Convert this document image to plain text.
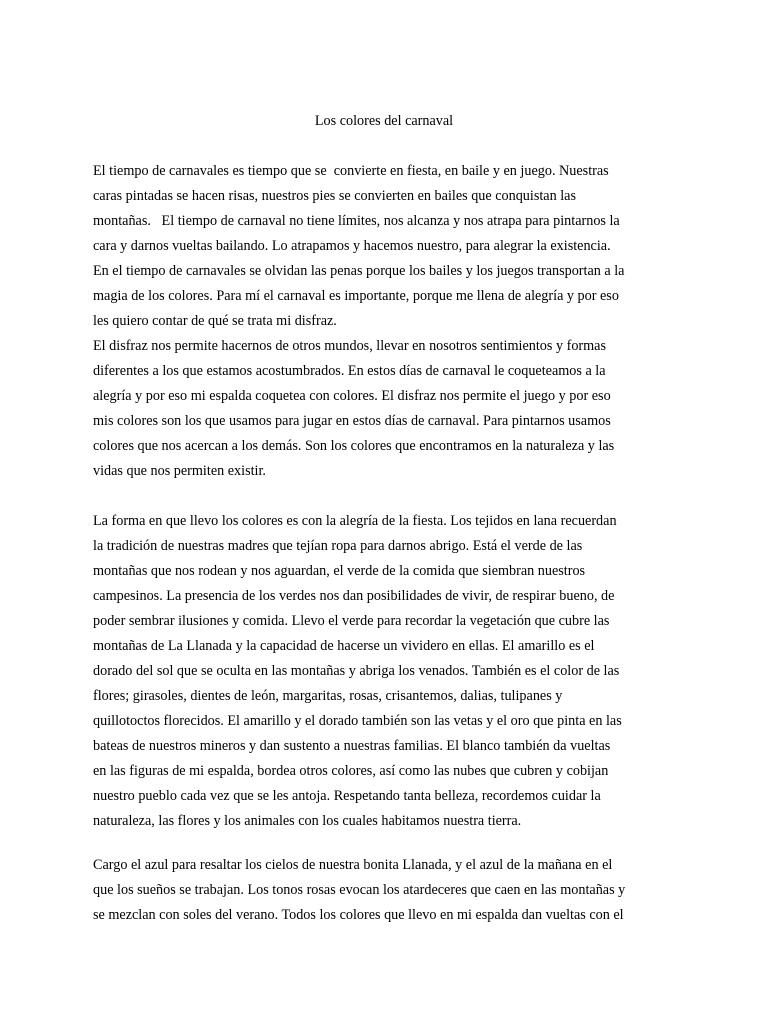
Los colores del carnaval
El tiempo de carnavales es tiempo que se  convierte en fiesta, en baile y en juego. Nuestras
caras pintadas se hacen risas, nuestros pies se convierten en bailes que conquistan las
montañas.   El tiempo de carnaval no tiene límites, nos alcanza y nos atrapa para pintarnos la
cara y darnos vueltas bailando. Lo atrapamos y hacemos nuestro, para alegrar la existencia.
En el tiempo de carnavales se olvidan las penas porque los bailes y los juegos transportan a la
magia de los colores. Para mí el carnaval es importante, porque me llena de alegría y por eso
les quiero contar de qué se trata mi disfraz.
El disfraz nos permite hacernos de otros mundos, llevar en nosotros sentimientos y formas
diferentes a los que estamos acostumbrados. En estos días de carnaval le coqueteamos a la
alegría y por eso mi espalda coquetea con colores. El disfraz nos permite el juego y por eso
mis colores son los que usamos para jugar en estos días de carnaval. Para pintarnos usamos
colores que nos acercan a los demás. Son los colores que encontramos en la naturaleza y las
vidas que nos permiten existir.
La forma en que llevo los colores es con la alegría de la fiesta. Los tejidos en lana recuerdan
la tradición de nuestras madres que tejían ropa para darnos abrigo. Está el verde de las
montañas que nos rodean y nos aguardan, el verde de la comida que siembran nuestros
campesinos. La presencia de los verdes nos dan posibilidades de vivir, de respirar bueno, de
poder sembrar ilusiones y comida. Llevo el verde para recordar la vegetación que cubre las
montañas de La Llanada y la capacidad de hacerse un vividero en ellas. El amarillo es el
dorado del sol que se oculta en las montañas y abriga los venados. También es el color de las
flores; girasoles, dientes de león, margaritas, rosas, crisantemos, dalias, tulipanes y
quillotoctos florecidos. El amarillo y el dorado también son las vetas y el oro que pinta en las
bateas de nuestros mineros y dan sustento a nuestras familias. El blanco también da vueltas
en las figuras de mi espalda, bordea otros colores, así como las nubes que cubren y cobijan
nuestro pueblo cada vez que se les antoja. Respetando tanta belleza, recordemos cuidar la
naturaleza, las flores y los animales con los cuales habitamos nuestra tierra.
Cargo el azul para resaltar los cielos de nuestra bonita Llanada, y el azul de la mañana en el
que los sueños se trabajan. Los tonos rosas evocan los atardeceres que caen en las montañas y
se mezclan con soles del verano. Todos los colores que llevo en mi espalda dan vueltas con el
